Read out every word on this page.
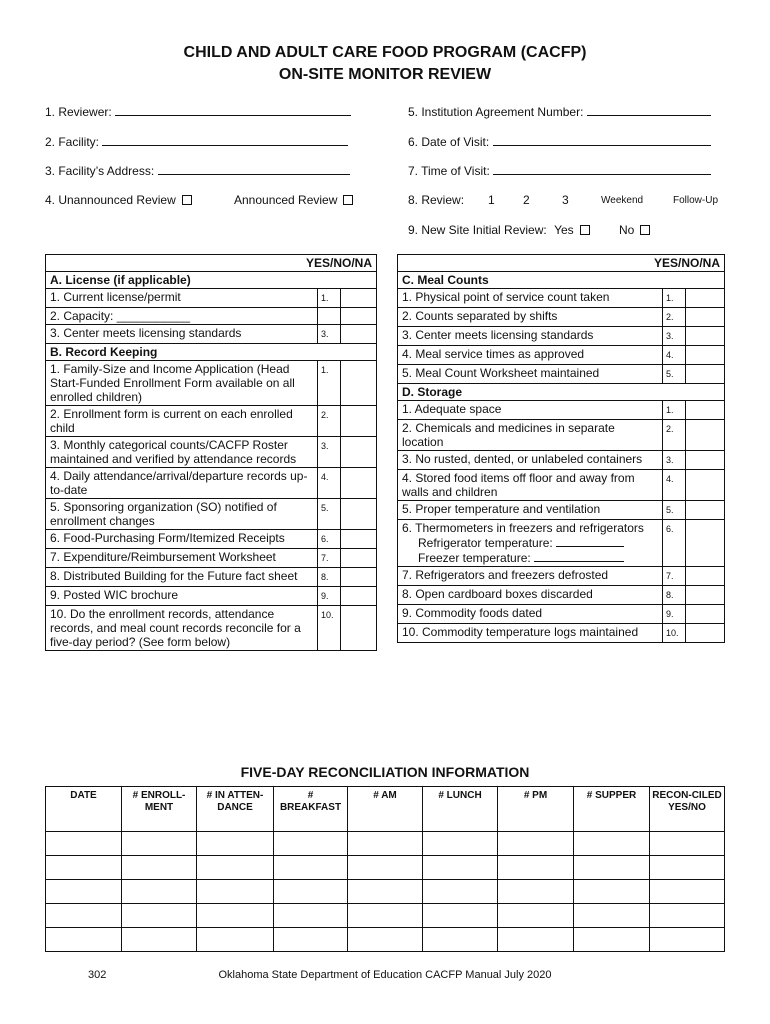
CHILD AND ADULT CARE FOOD PROGRAM (CACFP)
ON-SITE MONITOR REVIEW
1. Reviewer:
2. Facility:
3. Facility’s Address:
4. Unannounced Review	Announced Review
5. Institution Agreement Number:
6. Date of Visit:
7. Time of Visit:
8. Review: 1 2	3	Weekend	Follow-Up
9. New Site Initial Review: Yes	No
YES/NO/NA		
A. License (if applicable)		
1. Current license/permit	1.	
2. Capacity: ___________		
3. Center meets licensing standards	3.	
B. Record Keeping		
1. Family-Size and Income Application (Head Start-Funded Enrollment Form available on all enrolled children)	1.	
2. Enrollment form is current on each enrolled child	2.	
3. Monthly categorical counts/CACFP Roster maintained and verified by attendance records	3.	
4. Daily attendance/arrival/departure records up-to-date	4.	
5. Sponsoring organization (SO) notified of enrollment changes	5.	
6. Food-Purchasing Form/Itemized Receipts	6.	
7. Expenditure/Reimbursement Worksheet	7.	
8. Distributed Building for the Future fact sheet	8.	
9. Posted WIC brochure	9.	
10. Do the enrollment records, attendance records, and meal count records reconcile for a five-day period? (See form below)	10.	
YES/NO/NA		
C. Meal Counts		
1. Physical point of service count taken	1.	
2. Counts separated by shifts	2.	
3. Center meets licensing standards	3.	
4. Meal service times as approved	4.	
5. Meal Count Worksheet maintained	5.	
D. Storage		
1. Adequate space	1.	
2. Chemicals and medicines in separate location	2.	
3. No rusted, dented, or unlabeled containers	3.	
4. Stored food items off floor and away from walls and children	4.	
5. Proper temperature and ventilation	5.	

6. Thermometers in freezers and refrigerators
Refrigerator temperature:
Freezer temperature:	6.	
7. Refrigerators and freezers defrosted	7.	
8. Open cardboard boxes discarded	8.	
9. Commodity foods dated	9.	
10. Commodity temperature logs maintained	10.	
FIVE-DAY RECONCILIATION INFORMATION
DATE	# ENROLL-MENT	# IN ATTEN-DANCE	# BREAKFAST	# AM	# LUNCH	# PM	# SUPPER	RECON-CILED YES/NO

302	Oklahoma State Department of Education CACFP Manual July 2020
